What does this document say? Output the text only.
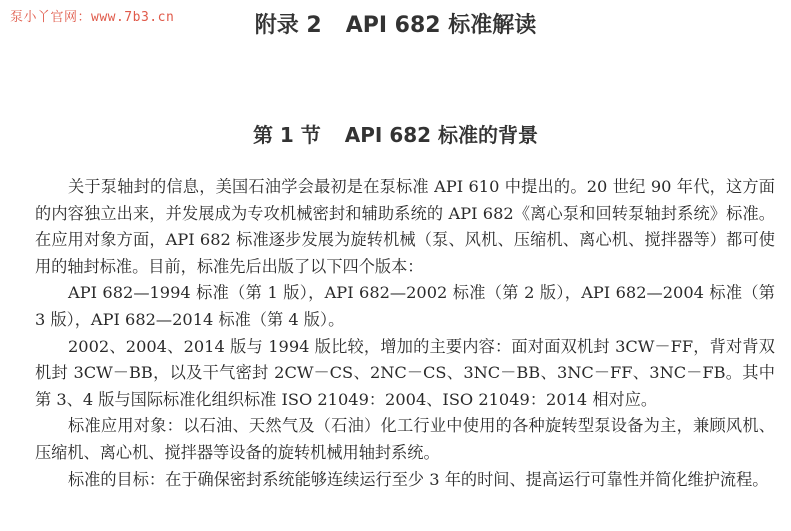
泵小丫官网：www.7b3.cn	附录 2 API 682 标准解读
第 1 节 API 682 标准的背景

关于泵轴封的信息，美国石油学会最初是在泵标准 API 610 中提出的。20 世纪 90 年代，这方面的内容独立出来，并发展成为专攻机械密封和辅助系统的 API 682《离心泵和回转泵轴封系统》标准。在应用对象方面，API 682 标准逐步发展为旋转机械（泵、风机、压缩机、离心机、搅拌器等）都可使用的轴封标准。目前，标准先后出版了以下四个版本：

API 682—1994 标准（第 1 版），API 682—2002 标准（第 2 版），API 682—2004 标准（第 3 版），API 682—2014 标准（第 4 版）。

2002、2004、2014 版与 1994 版比较，增加的主要内容：面对面双机封 3CW－FF，背对背双机封 3CW－BB，以及干气密封 2CW－CS、2NC－CS、3NC－BB、3NC－FF、3NC－FB。其中第 3、4 版与国际标准化组织标准 ISO 21049：2004、ISO 21049：2014 相对应。

标准应用对象：以石油、天然气及（石油）化工行业中使用的各种旋转型泵设备为主，兼顾风机、压缩机、离心机、搅拌器等设备的旋转机械用轴封系统。

标准的目标：在于确保密封系统能够连续运行至少 3 年的时间、提高运行可靠性并简化维护流程。
